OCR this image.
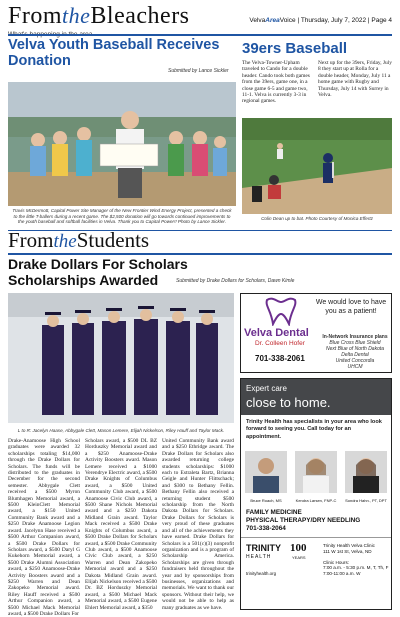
FromtheBleachers	VelvaAreaVoice | Thursday, July 7, 2022 | Page 4
Velva Youth Baseball Receives Donation
Submitted by Lance Sickler
Travis McDermott, Capital Power Site Manager of the New Frontier Wind Energy Project, presented a check to the little T-ballers during a recent game. The $2,500 donation will go towards continued improvements to the youth baseball and softball facilities in Velva. Thank you to Capital Power!! Photo by Lance Sickler.
39ers Baseball
The Velva-Towner-Upham traveled to Cando for a double header. Cando took both games from the 39ers, game one, in a close game 6-5 and game two, 11-1. Velva is currently 3-3 in regional games.
Next up for the 39ers, Friday, July 8 they start up at Rolla for a double header, Monday, July 11 a home game with Rugby and Thursday, July 14 with Surrey in Velva.
Colin Dean up to bat. Photo Courtesy of Monica Effertz
FromtheStudents
Drake Dollars For Scholars Scholarships Awarded	Submitted by Drake Dollars for Scholars, Dawn Kimle
L to R: Jacelyn Haase, Abbygale Clett, Mason Lemere, Elijah Nickelson, Riley Hauff and Taylor Mack.
Drake-Anamoose High School graduates were awarded 32 scholarships totaling $14,000 through the Drake Dollars for Scholars. The funds will be distributed to the graduates in December for the second semester. Abbygale Clett received a $500 Myron Blumhagen Memorial award, a $500 KleinClett Memorial award, a $150 United Community Bank award and a $250 Drake Anamoose Legion award. Jacelynn Hase received a $500 Arthur Companion award, a $500 Drake Dollars for Scholars award, a $500 Daryl G Kukehorn Memorial award, a $500 Drake Alumni Association award, a $250 Anamoose-Drake Activity Boosters award and a $250 Warren and Dean Zakopeko Memorial award. Riley Hauff received a $500 Arthur Companion award, a $500 Michael Mack Memorial award, a $500 Drake Dollars For
Scholars award, a $500 DL BZ Horduszky Memorial award and a $250 Anamoose-Drake Activity Boosters award. Mason Lemere received a $1000 Verendrye Electric award, a $500 Drake Knights of Columbus award, a $500 United Community Club award, a $500 Anamoose Civic Club award, a $500 Shane Nichols Memorial award and a $250 Dakota Midland Grain award. Taylor Mack received a $500 Drake Knights of Columbus award, a $500 Drake Dollars for Scholars award, a $500 Drake Community Club award, a $500 Anamoose Civic Club award, a $250 Warren and Dean Zakopeko Memorial award and a $250 Dakota Midland Grain award. Elijah Nickelson received a $500 Dr. BZ Horduszky Memorial award, a $500 Michael Mack Memorial award, a $500 Eugene Ehlert Memorial award, a $350
United Community Bank award and a $250 Ethridge award. The Drake Dollars for Scholars also awarded returning college students scholarships: $1000 each to Estraleta Bartz, Brianna Geigle and Hunter Flittschack; and $300 to Bethany Fellin. Bethany Fellin also received a returning student $500 scholarship from the North Dakota Dollars for Scholars. Drake Dollars for Scholars is very proud of these graduates and all of the achievements they have earned. Drake Dollars for Scholars is a 501(c)(3) nonprofit organization and is a program of Scholarship America. Scholarships are given through fundraisers held throughout the year and by sponsorships from businesses, organizations and memorials. We want to thank our sponsors. Without their help, we would not be able to help as many graduates as we have.
We would love to have you as a patient!
Velva Dental
Dr. Colleen Hofer
701-338-2061
In-Network Insurance plans
Blue Cross Blue Shield
Next Blue of North Dakota
Delta Dental
United Concordia
UHCM
Expert care
close to home.
Trinity Health has specialists in your area who look forward to seeing you. Call today for an appointment.
Bruce Roach, MS	Kendra Larsen, FNP-C Sondra Hahn., PT, DPT
FAMILY MEDICINE
PHYSICAL THERAPY/DRY NEEDLING
701-338-2064
TRINITY
HEALTH
100
YEARS
trinityhealth.org
Trinity Health Velva Clinic
111 W 1st St, Velva, ND
Clinic Hours:
7:00 a.m. - 5:30 p.m. M, T, Th, F
7:00-11:00 a.m. W
